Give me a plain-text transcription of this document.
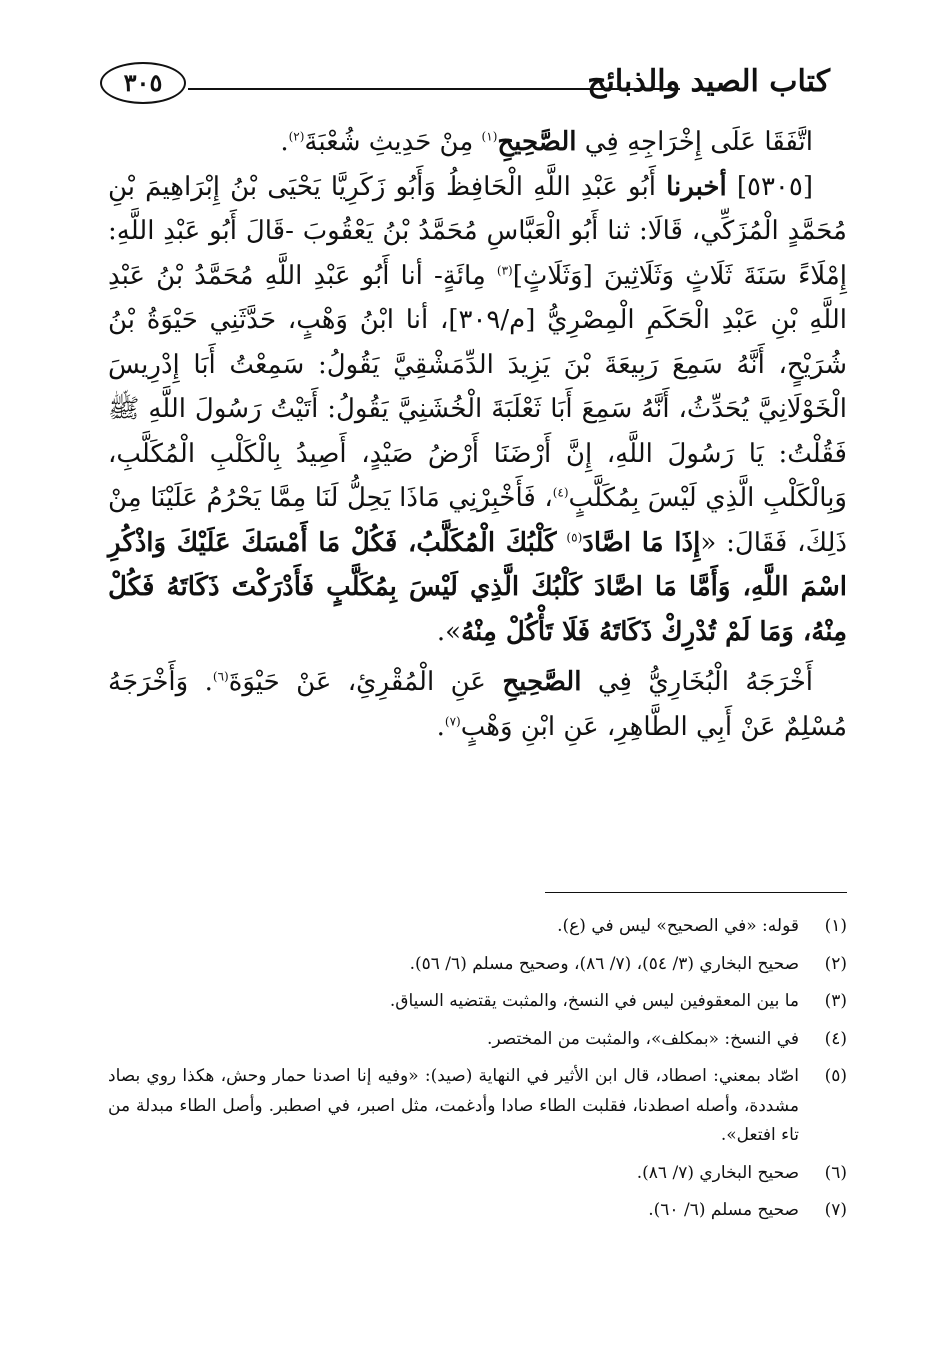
كتاب الصيد والذبائح
٣٠٥

اتَّفَقَا عَلَى إِخْرَاجِهِ فِي الصَّحِيحِ$^{(١)}$ مِنْ حَدِيثِ شُعْبَةَ$^{(٢)}$.

[٥٣٠٥] أخبرنا أَبُو عَبْدِ اللَّهِ الْحَافِظُ وَأَبُو زَكَرِيَّا يَحْيَى بْنُ إِبْرَاهِيمَ بْنِ مُحَمَّدٍ الْمُزَكِّي، قَالَا: ثنا أَبُو الْعَبَّاسِ مُحَمَّدُ بْنُ يَعْقُوبَ -قَالَ أَبُو عَبْدِ اللَّهِ: إِمْلَاءً سَنَةَ ثَلَاثٍ وَثَلَاثِينَ [وَثَلَاثٍ]$^{(٣)}$ مِائَةٍ- أنا أَبُو عَبْدِ اللَّهِ مُحَمَّدُ بْنُ عَبْدِ اللَّهِ بْنِ عَبْدِ الْحَكَمِ الْمِصْرِيُّ [م/٣٠٩]، أنا ابْنُ وَهْبٍ، حَدَّثَنِي حَيْوَةُ بْنُ شُرَيْحٍ، أَنَّهُ سَمِعَ رَبِيعَةَ بْنَ يَزِيدَ الدِّمَشْقِيَّ يَقُولُ: سَمِعْتُ أَبَا إِدْرِيسَ الْخَوْلَانِيَّ يُحَدِّثُ، أَنَّهُ سَمِعَ أَبَا ثَعْلَبَةَ الْخُشَنِيَّ يَقُولُ: أَتَيْتُ رَسُولَ اللَّهِ ﷺ فَقُلْتُ: يَا رَسُولَ اللَّهِ، إِنَّ أَرْضَنَا أَرْضُ صَيْدٍ، أَصِيدُ بِالْكَلْبِ الْمُكَلَّبِ، وَبِالْكَلْبِ الَّذِي لَيْسَ بِمُكَلَّبٍ$^{(٤)}$، فَأَخْبِرْنِي مَاذَا يَحِلُّ لَنَا مِمَّا يَحْرُمُ عَلَيْنَا مِنْ ذَلِكَ، فَقَالَ: «إِذَا مَا اصَّادَ$^{(٥)}$ كَلْبُكَ الْمُكَلَّبُ، فَكُلْ مَا أَمْسَكَ عَلَيْكَ وَاذْكُرِ اسْمَ اللَّهِ، وَأَمَّا مَا اصَّادَ كَلْبُكَ الَّذِي لَيْسَ بِمُكَلَّبٍ فَأَدْرَكْتَ ذَكَاتَهُ فَكُلْ مِنْهُ، وَمَا لَمْ تُدْرِكْ ذَكَاتَهُ فَلَا تَأْكُلْ مِنْهُ».

أَخْرَجَهُ الْبُخَارِيُّ فِي الصَّحِيحِ عَنِ الْمُقْرِئِ، عَنْ حَيْوَةَ$^{(٦)}$. وَأَخْرَجَهُ مُسْلِمٌ عَنْ أَبِي الطَّاهِرِ، عَنِ ابْنِ وَهْبٍ$^{(٧)}$.

(١)
قوله: «في الصحيح» ليس في (ع).
(٢)
صحيح البخاري (٣/ ٥٤)، (٧/ ٨٦)، وصحيح مسلم (٦/ ٥٦).
(٣)
ما بين المعقوفين ليس في النسخ، والمثبت يقتضيه السياق.
(٤)
في النسخ: «بمكلف»، والمثبت من المختصر.
(٥)
اصّاد بمعني: اصطاد، قال ابن الأثير في النهاية (صيد): «وفيه إنا اصدنا حمار وحش، هكذا روي بصاد مشددة، وأصله اصطدنا، فقلبت الطاء صادا وأدغمت، مثل اصبر، في اصطبر. وأصل الطاء مبدلة من تاء افتعل».
(٦)
صحيح البخاري (٧/ ٨٦).
(٧)
صحيح مسلم (٦/ ٦٠).
